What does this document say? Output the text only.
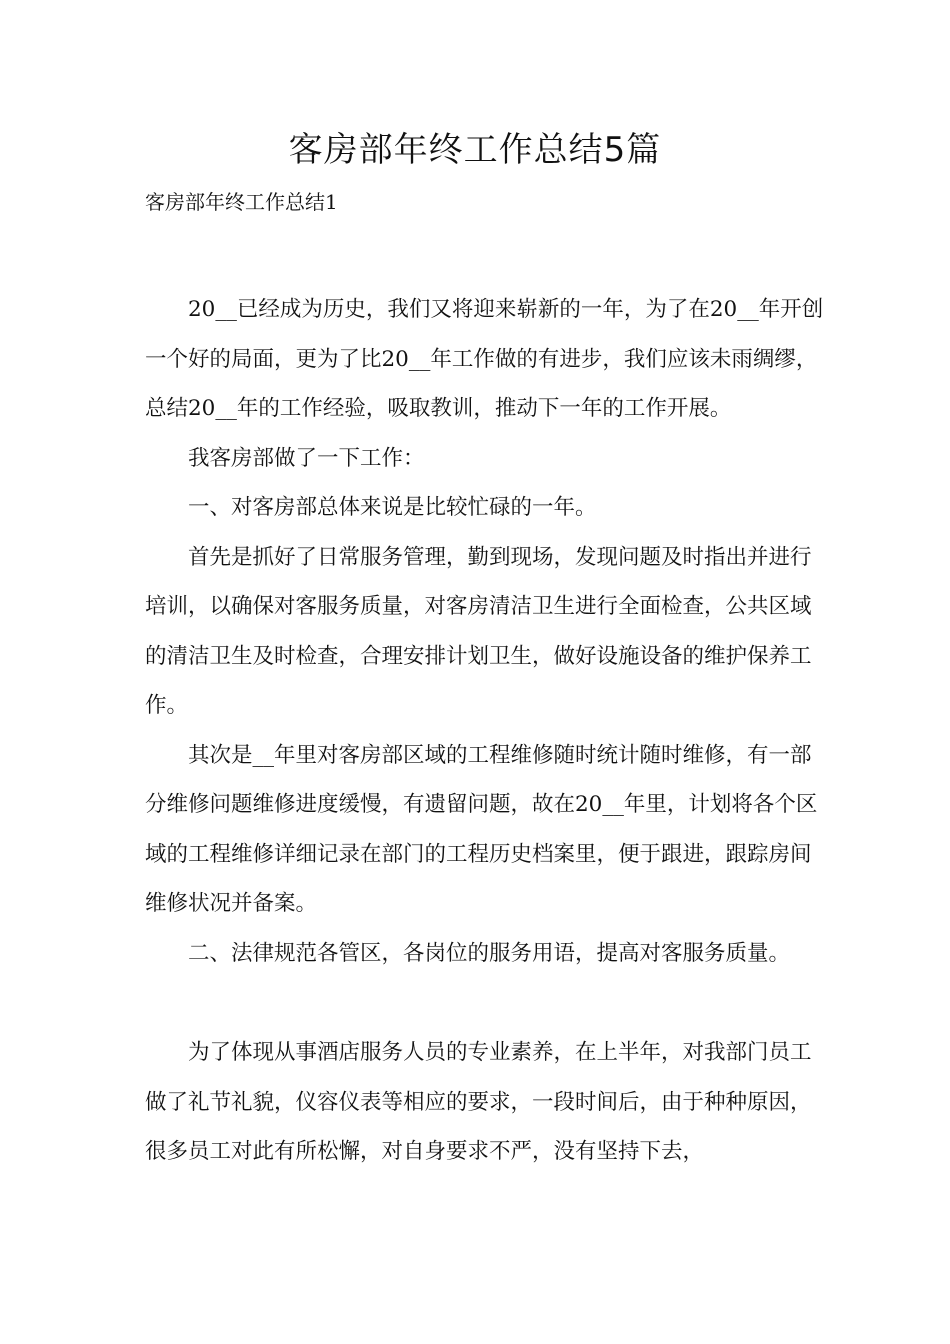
客房部年终工作总结5篇
客房部年终工作总结1

20__已经成为历史，我们又将迎来崭新的一年，为了在20__年开创一个好的局面，更为了比20__年工作做的有进步，我们应该未雨绸缪，总结20__年的工作经验，吸取教训，推动下一年的工作开展。

我客房部做了一下工作：

一、对客房部总体来说是比较忙碌的一年。

首先是抓好了日常服务管理，勤到现场，发现问题及时指出并进行培训，以确保对客服务质量，对客房清洁卫生进行全面检查，公共区域的清洁卫生及时检查，合理安排计划卫生，做好设施设备的维护保养工作。

其次是__年里对客房部区域的工程维修随时统计随时维修，有一部分维修问题维修进度缓慢，有遗留问题，故在20__年里，计划将各个区域的工程维修详细记录在部门的工程历史档案里，便于跟进，跟踪房间维修状况并备案。

二、法律规范各管区，各岗位的服务用语，提高对客服务质量。

为了体现从事酒店服务人员的专业素养，在上半年，对我部门员工做了礼节礼貌，仪容仪表等相应的要求，一段时间后，由于种种原因，很多员工对此有所松懈，对自身要求不严，没有坚持下去，
